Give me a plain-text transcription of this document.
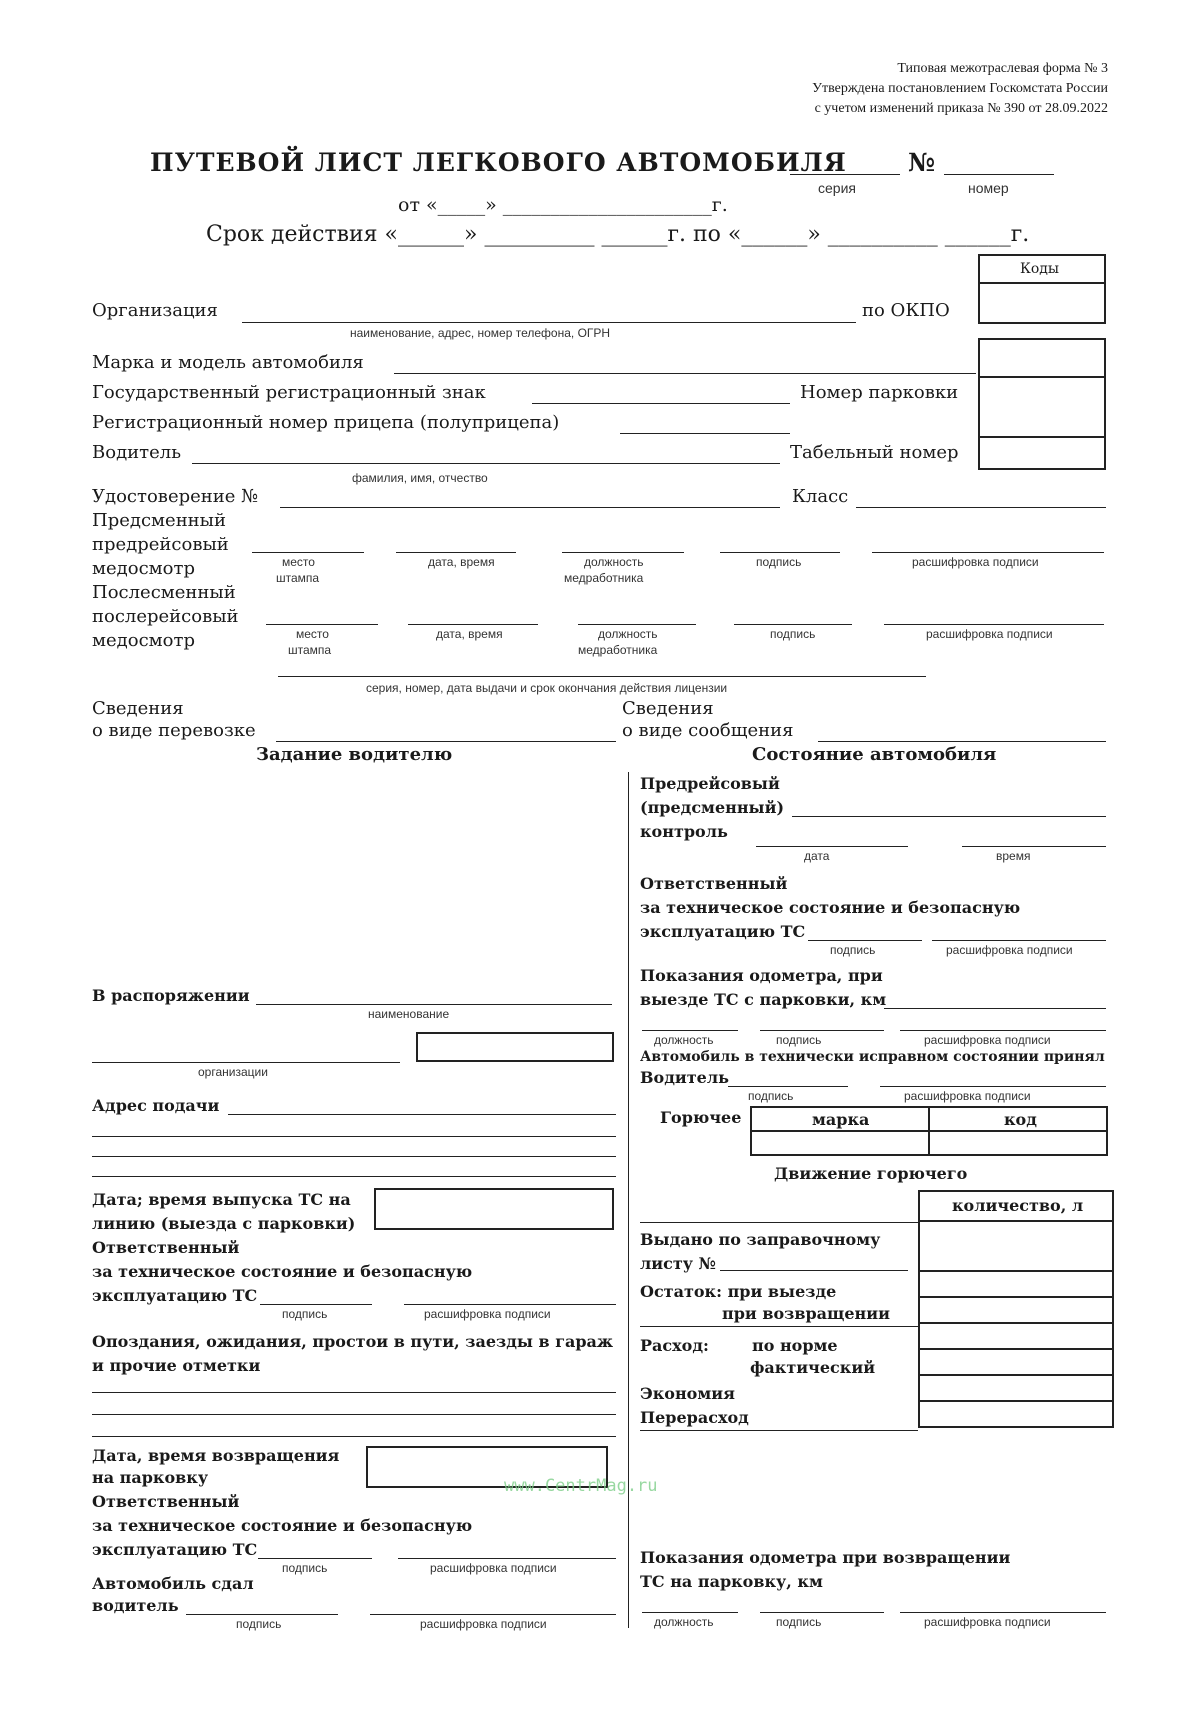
Типовая межотраслевая форма № 3
Утверждена постановлением Госкомстата России
с учетом изменений приказа № 390 от 28.09.2022
ПУТЕВОЙ ЛИСТ ЛЕГКОВОГО АВТОМОБИЛЯ №
серия	номер
от «_____» ______________________г.
Срок действия «______» __________ ______г. по «______» __________ ______г.
Коды
Организация	по ОКПО
наименование, адрес, номер телефона, ОГРН
Марка и модель автомобиля
Государственный регистрационный знак	Номер парковки
Регистрационный номер прицепа (полуприцепа)
Водитель	Табельный номер
фамилия, имя, отчество
Удостоверение №	Класс
Предсменный
предрейсовый
медосмотр	место
штампа
дата, время	должность
медработника
подпись	расшифровка подписи
Послесменный
послерейсовый
медосмотр	место
штампа
дата, время	должность
медработника
подпись	расшифровка подписи
серия, номер, дата выдачи и срок окончания действия лицензии
Сведения
о виде перевозке
Сведения
о виде сообщения
Задание водителю	Состояние автомобиля
В распоряжении
наименование
организации
Адрес подачи
Дата; время выпуска ТС на
линию (выезда с парковки)
Ответственный
за техническое состояние и безопасную
эксплуатацию ТС
подпись	расшифровка подписи
Опоздания, ожидания, простои в пути, заезды в гараж
и прочие отметки
Дата, время возвращения
на парковку
Ответственный
за техническое состояние и безопасную
эксплуатацию ТС
подпись	расшифровка подписи
Автомобиль сдал
водитель
подпись	расшифровка подписи
Предрейсовый
(предсменный)
контроль
дата	время
Ответственный
за техническое состояние и безопасную
эксплуатацию ТС
подпись	расшифровка подписи
Показания одометра, при
выезде ТС с парковки, км
должность	подпись	расшифровка подписи
Автомобиль в технически исправном состоянии принял
Водитель
подпись	расшифровка подписи
Горючее	марка	код
Движение горючего
количество, л
Выдано по заправочному
листу №
Остаток: при выезде
при возвращении
Расход:	по норме
фактический
Экономия
Перерасход
Показания одометра при возвращении
ТС на парковку, км
должность	подпись	расшифровка подписи
www.CentrMag.ru
